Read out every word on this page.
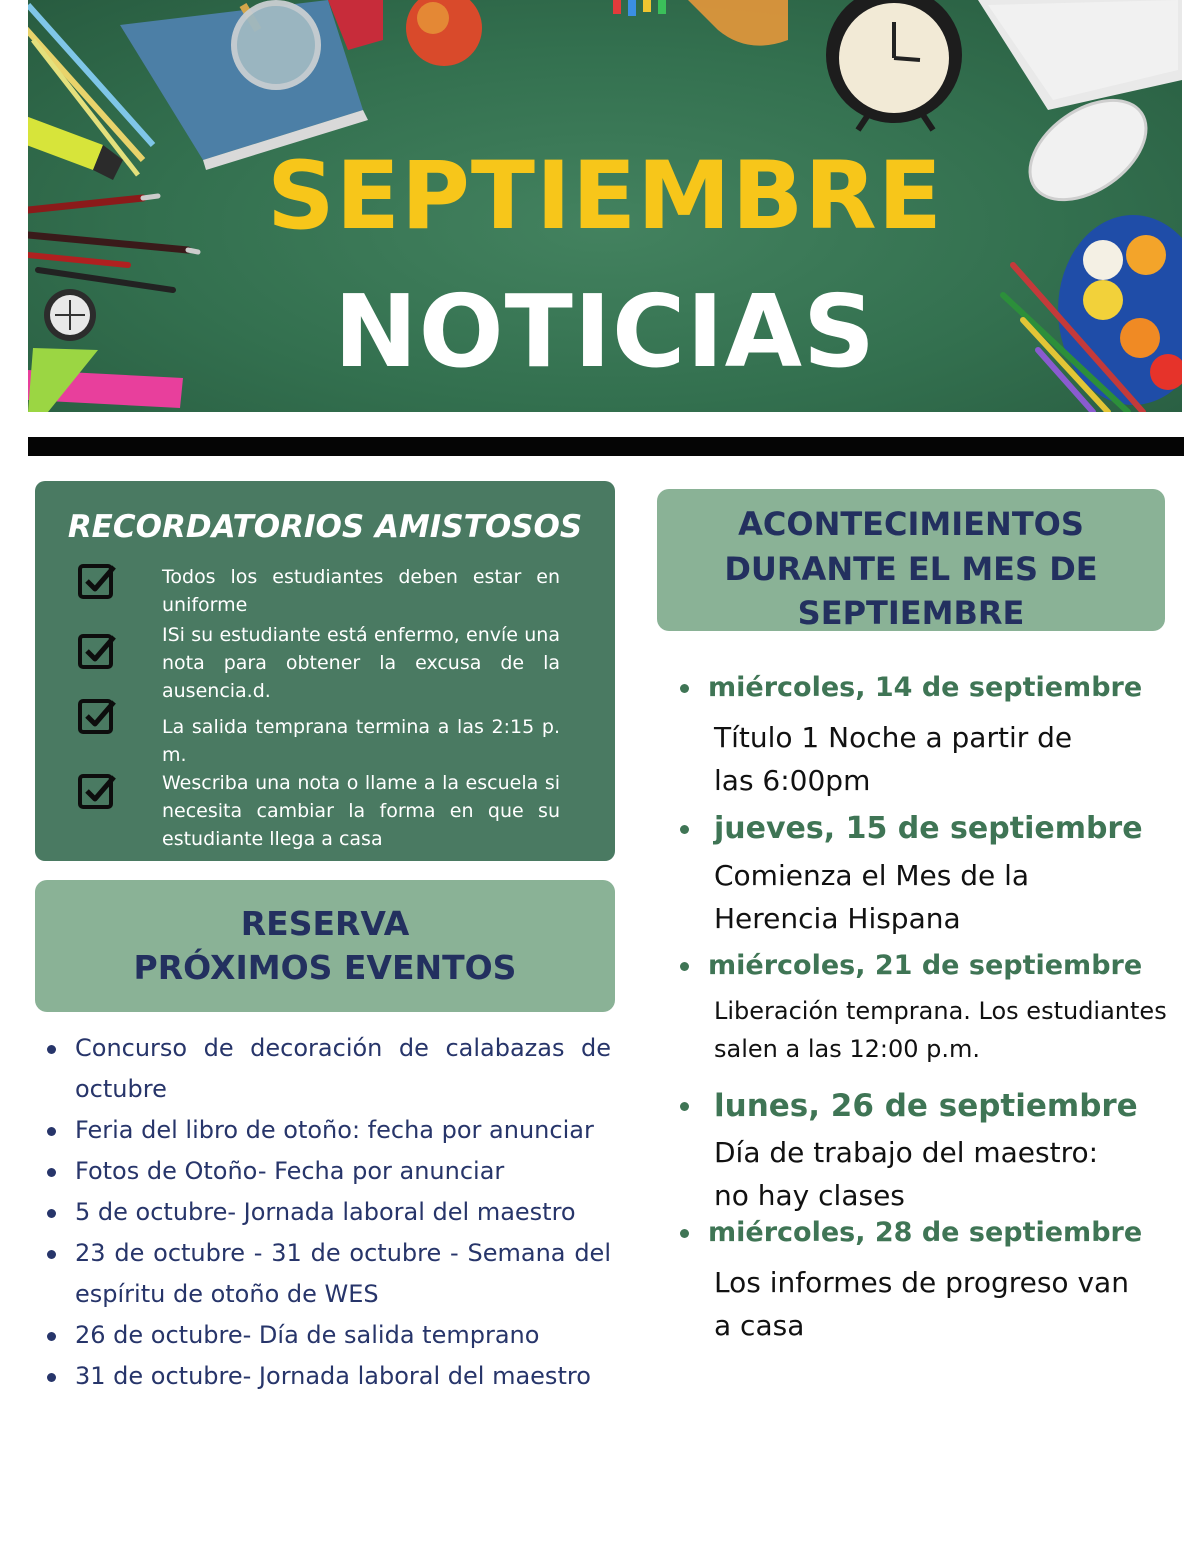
SEPTIEMBRE
NOTICIAS
RECORDATORIOS AMISTOSOS
Todos los estudiantes deben estar en uniforme
ISi su estudiante está enfermo, envíe una nota para obtener la excusa de la ausencia.d.
La salida temprana termina a las 2:15 p. m.
Wescriba una nota o llame a la escuela si necesita cambiar la forma en que su estudiante llega a casa
RESERVA
PRÓXIMOS EVENTOS
Concurso de decoración de calabazas de octubre
Feria del libro de otoño: fecha por anunciar
Fotos de Otoño- Fecha por anunciar
5 de octubre- Jornada laboral del maestro
23 de octubre - 31 de octubre - Semana del espíritu de otoño de WES
26 de octubre- Día de salida temprano
31 de octubre- Jornada laboral del maestro
ACONTECIMIENTOS
DURANTE EL MES DE
SEPTIEMBRE
miércoles, 14 de septiembre
Título 1 Noche a partir de las 6:00pm
jueves, 15 de septiembre
Comienza el Mes de la Herencia Hispana
miércoles, 21 de septiembre
Liberación temprana. Los estudiantes salen a las 12:00 p.m.
lunes, 26 de septiembre
Día de trabajo del maestro: no hay clases
miércoles, 28 de septiembre
Los informes de progreso van a casa
